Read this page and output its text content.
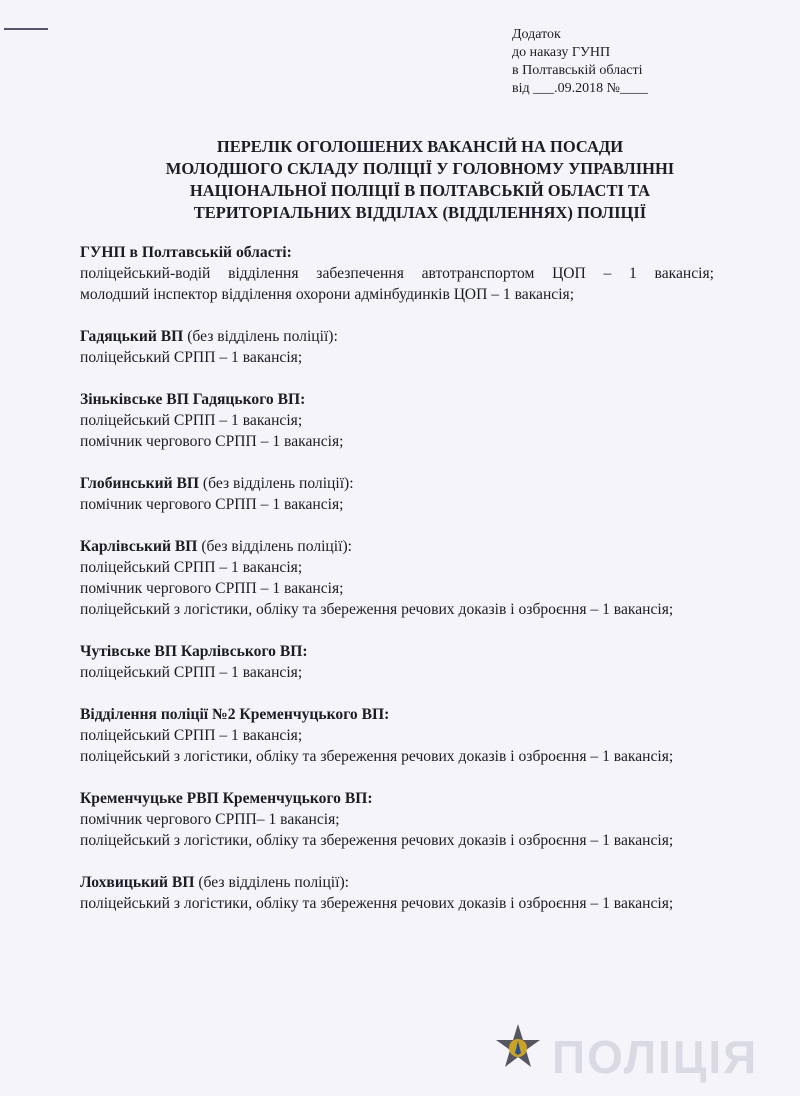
Додаток
до наказу ГУНП
в Полтавській області
від ___.09.2018 №____
ПЕРЕЛІК ОГОЛОШЕНИХ ВАКАНСІЙ НА ПОСАДИ
МОЛОДШОГО СКЛАДУ ПОЛІЦІЇ У ГОЛОВНОМУ УПРАВЛІННІ
НАЦІОНАЛЬНОЇ ПОЛІЦІЇ В ПОЛТАВСЬКІЙ ОБЛАСТІ ТА
ТЕРИТОРІАЛЬНИХ ВІДДІЛАХ (ВІДДІЛЕННЯХ) ПОЛІЦІЇ
ГУНП в Полтавській області:
поліцейський-водій відділення забезпечення автотранспортом ЦОП – 1 вакансія;
молодший інспектор відділення охорони адмінбудинків ЦОП – 1 вакансія;
Гадяцький ВП (без відділень поліції):
поліцейський СРПП – 1 вакансія;
Зіньківське ВП Гадяцького ВП:
поліцейський СРПП – 1 вакансія;
помічник чергового СРПП – 1 вакансія;
Глобинський ВП (без відділень поліції):
помічник чергового СРПП – 1 вакансія;
Карлівський ВП (без відділень поліції):
поліцейський СРПП – 1 вакансія;
помічник чергового СРПП – 1 вакансія;
поліцейський з логістики, обліку та збереження речових доказів і озброєння – 1 вакансія;
Чутівське ВП Карлівського ВП:
поліцейський СРПП – 1 вакансія;
Відділення поліції №2 Кременчуцького ВП:
поліцейський СРПП – 1 вакансія;
поліцейський з логістики, обліку та збереження речових доказів і озброєння – 1 вакансія;
Кременчуцьке РВП Кременчуцького ВП:
помічник чергового СРПП– 1 вакансія;
поліцейський з логістики, обліку та збереження речових доказів і озброєння – 1 вакансія;
Лохвицький ВП (без відділень поліції):
поліцейський з логістики, обліку та збереження речових доказів і озброєння – 1 вакансія;
ПОЛІЦІЯ
